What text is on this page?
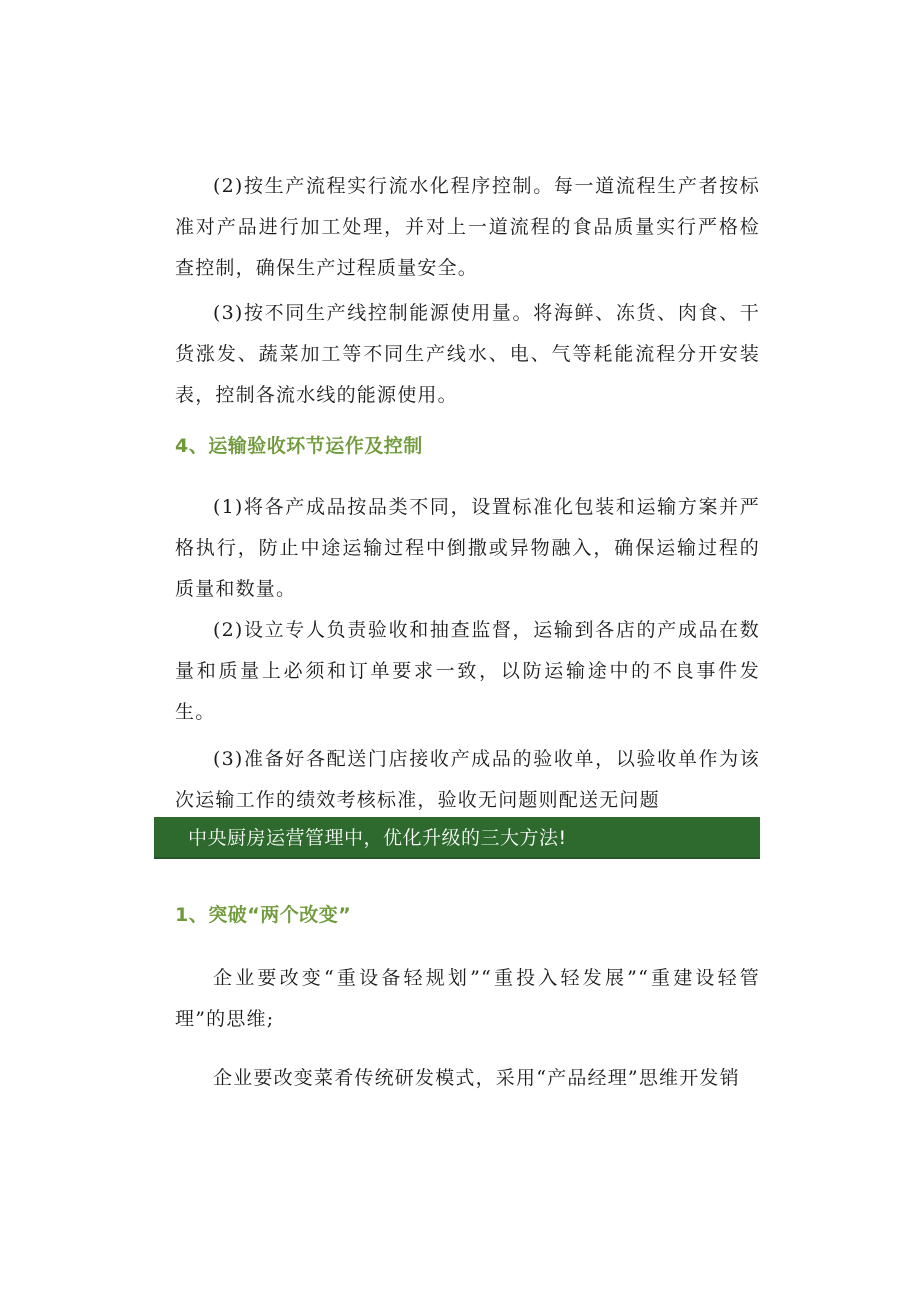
(2)按生产流程实行流水化程序控制。每一道流程生产者按标准对产品进行加工处理，并对上一道流程的食品质量实行严格检查控制，确保生产过程质量安全。

(3)按不同生产线控制能源使用量。将海鲜、冻货、肉食、干货涨发、蔬菜加工等不同生产线水、电、气等耗能流程分开安装表，控制各流水线的能源使用。

4、运输验收环节运作及控制

(1)将各产成品按品类不同，设置标准化包装和运输方案并严格执行，防止中途运输过程中倒撒或异物融入，确保运输过程的质量和数量。

(2)设立专人负责验收和抽查监督，运输到各店的产成品在数量和质量上必须和订单要求一致，以防运输途中的不良事件发生。

(3)准备好各配送门店接收产成品的验收单，以验收单作为该次运输工作的绩效考核标准，验收无问题则配送无问题

中央厨房运营管理中，优化升级的三大方法!
1、突破“两个改变”

企业要改变“重设备轻规划”“重投入轻发展”“重建设轻管理”的思维;

企业要改变菜肴传统研发模式，采用“产品经理”思维开发销
